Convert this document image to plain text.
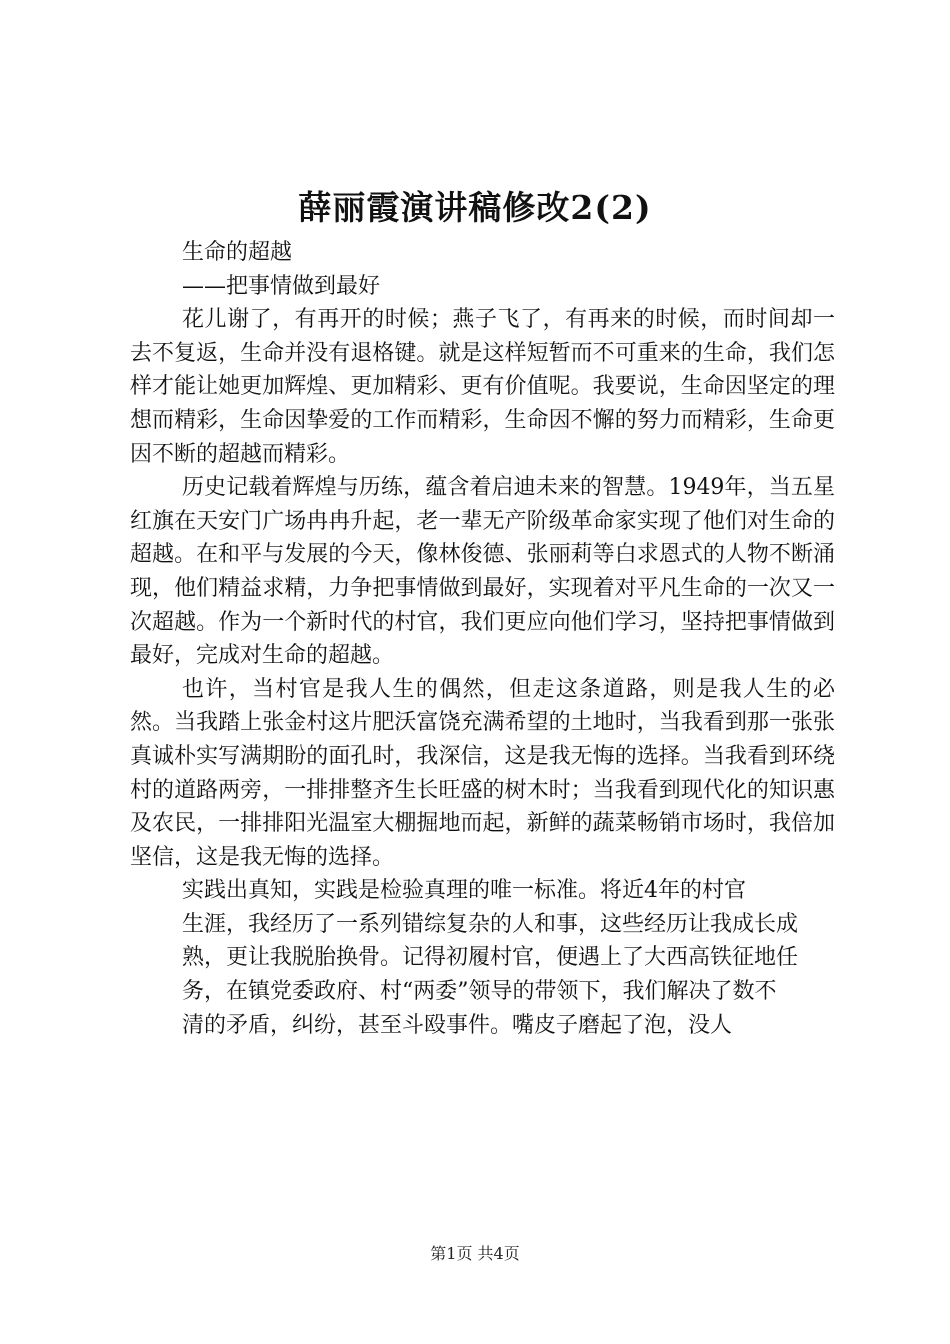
薛丽霞演讲稿修改2(2)

生命的超越

——把事情做到最好

花儿谢了，有再开的时候；燕子飞了，有再来的时候，而时间却一去不复返，生命并没有退格键。就是这样短暂而不可重来的生命，我们怎样才能让她更加辉煌、更加精彩、更有价值呢。我要说，生命因坚定的理想而精彩，生命因挚爱的工作而精彩，生命因不懈的努力而精彩，生命更因不断的超越而精彩。

历史记载着辉煌与历练，蕴含着启迪未来的智慧。1949年，当五星红旗在天安门广场冉冉升起，老一辈无产阶级革命家实现了他们对生命的超越。在和平与发展的今天，像林俊德、张丽莉等白求恩式的人物不断涌现，他们精益求精，力争把事情做到最好，实现着对平凡生命的一次又一次超越。作为一个新时代的村官，我们更应向他们学习，坚持把事情做到最好，完成对生命的超越。

也许，当村官是我人生的偶然，但走这条道路，则是我人生的必然。当我踏上张金村这片肥沃富饶充满希望的土地时，当我看到那一张张真诚朴实写满期盼的面孔时，我深信，这是我无悔的选择。当我看到环绕村的道路两旁，一排排整齐生长旺盛的树木时；当我看到现代化的知识惠及农民，一排排阳光温室大棚掘地而起，新鲜的蔬菜畅销市场时，我倍加坚信，这是我无悔的选择。

实践出真知，实践是检验真理的唯一标准。将近4年的村官

生涯，我经历了一系列错综复杂的人和事，这些经历让我成长成

熟，更让我脱胎换骨。记得初履村官，便遇上了大西高铁征地任

务，在镇党委政府、村“两委”领导的带领下，我们解决了数不

清的矛盾，纠纷，甚至斗殴事件。嘴皮子磨起了泡，没人

第1页 共4页
